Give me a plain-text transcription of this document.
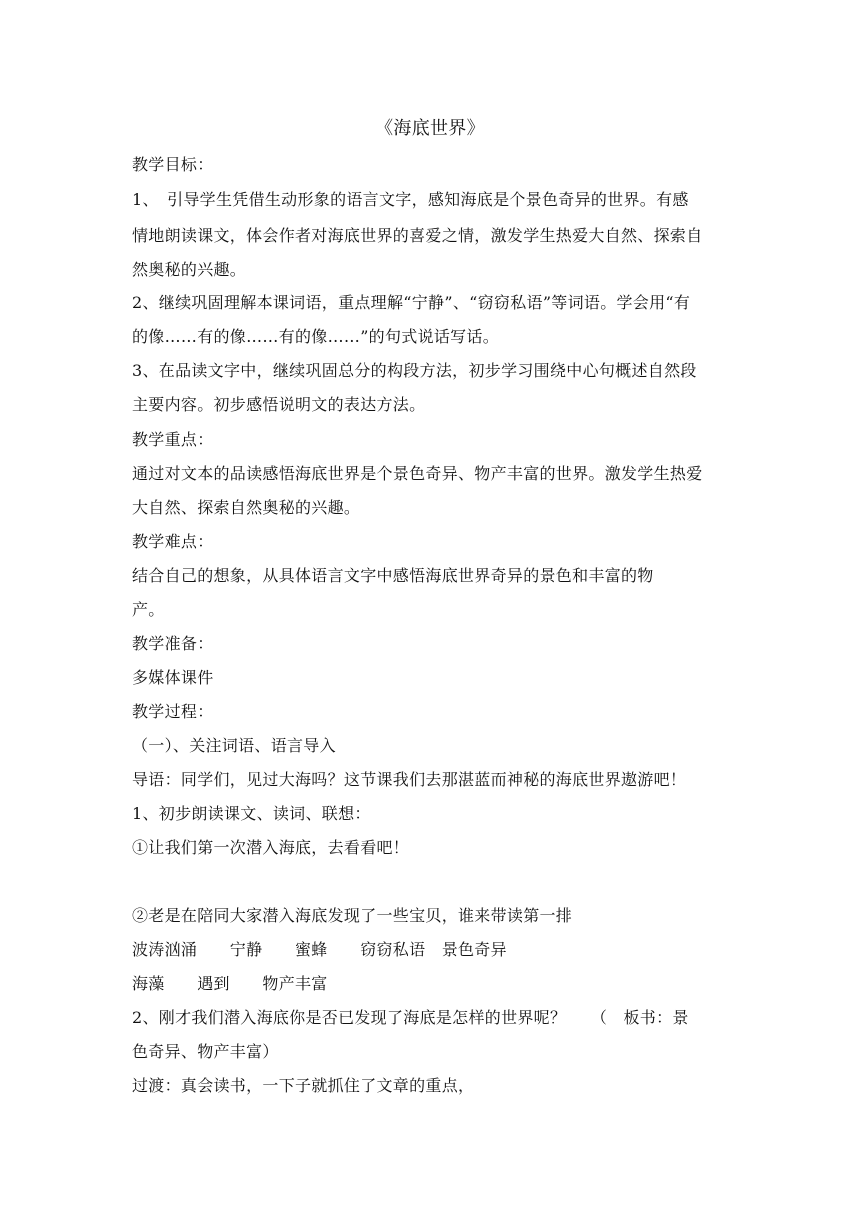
《海底世界》
教学目标：
1、　引导学生凭借生动形象的语言文字，感知海底是个景色奇异的世界。有感
情地朗读课文，体会作者对海底世界的喜爱之情，激发学生热爱大自然、探索自
然奥秘的兴趣。
2、继续巩固理解本课词语，重点理解“宁静”、“窃窃私语”等词语。学会用“有
的像……有的像……有的像……”的句式说话写话。
3、在品读文字中，继续巩固总分的构段方法，初步学习围绕中心句概述自然段
主要内容。初步感悟说明文的表达方法。
教学重点：
通过对文本的品读感悟海底世界是个景色奇异、物产丰富的世界。激发学生热爱
大自然、探索自然奥秘的兴趣。
教学难点：
结合自己的想象，从具体语言文字中感悟海底世界奇异的景色和丰富的物
产。
教学准备：
多媒体课件
教学过程：
（一）、关注词语、语言导入
导语：同学们，见过大海吗？这节课我们去那湛蓝而神秘的海底世界遨游吧！
1、初步朗读课文、读词、联想：
①让我们第一次潜入海底，去看看吧！
②老是在陪同大家潜入海底发现了一些宝贝，谁来带读第一排
波涛汹涌　　宁静　　蜜蜂　　窃窃私语　景色奇异
海藻　　遇到　　物产丰富
2、刚才我们潜入海底你是否已发现了海底是怎样的世界呢？　　（　板书：景
色奇异、物产丰富）
过渡：真会读书，一下子就抓住了文章的重点，
